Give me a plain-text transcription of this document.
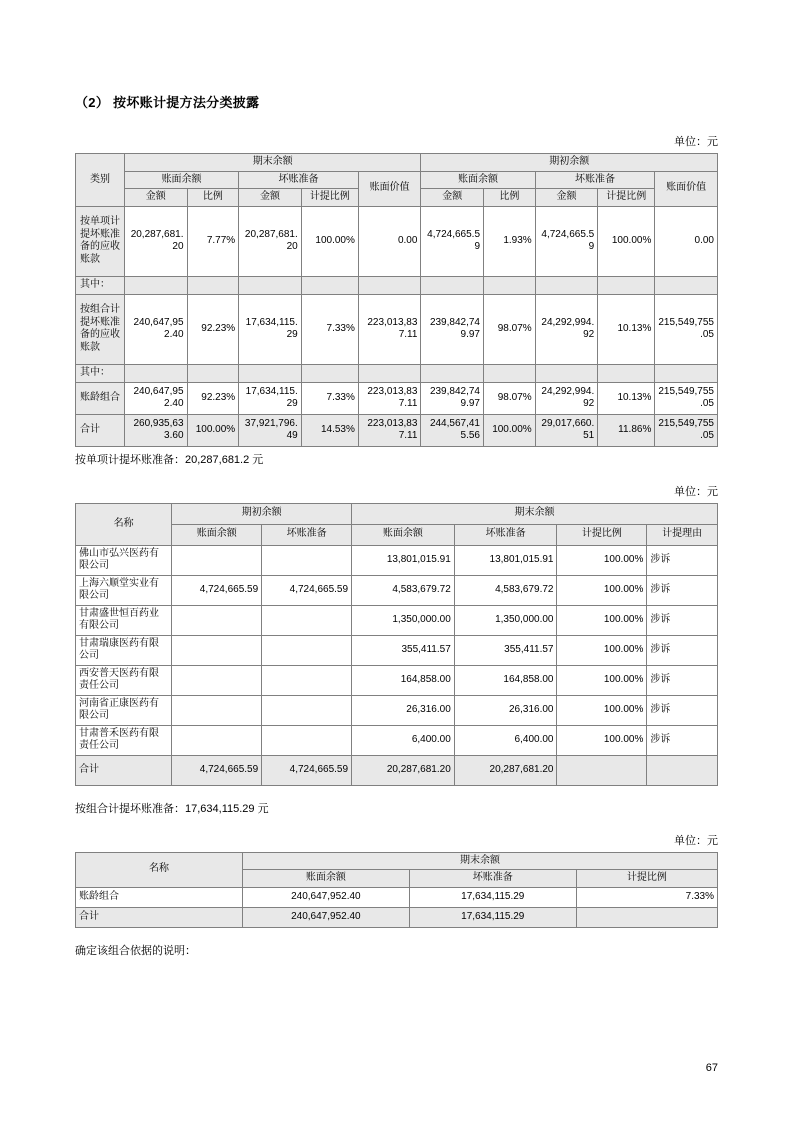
（2） 按坏账计提方法分类披露
单位：元
类别	期末余额					期初余额				
	账面余额		坏账准备		账面价值	账面余额		坏账准备		账面价值
	金额	比例	金额	计提比例		金额	比例	金额	计提比例	
按单项计提坏账准备的应收账款	20,287,681.20	7.77%	20,287,681.20	100.00%	0.00	4,724,665.59	1.93%	4,724,665.59	100.00%	0.00
其中：										
按组合计提坏账准备的应收账款	240,647,952.40	92.23%	17,634,115.29	7.33%	223,013,837.11	239,842,749.97	98.07%	24,292,994.92	10.13%	215,549,755.05
其中：										
账龄组合	240,647,952.40	92.23%	17,634,115.29	7.33%	223,013,837.11	239,842,749.97	98.07%	24,292,994.92	10.13%	215,549,755.05
合计	260,935,633.60	100.00%	37,921,796.49	14.53%	223,013,837.11	244,567,415.56	100.00%	29,017,660.51	11.86%	215,549,755.05
按单项计提坏账准备：20,287,681.2 元
单位：元
名称	期初余额		期末余额			
	账面余额	坏账准备	账面余额	坏账准备	计提比例	计提理由
佛山市弘兴医药有限公司			13,801,015.91	13,801,015.91	100.00%	涉诉
上海六顺堂实业有限公司	4,724,665.59	4,724,665.59	4,583,679.72	4,583,679.72	100.00%	涉诉
甘肃盛世恒百药业有限公司			1,350,000.00	1,350,000.00	100.00%	涉诉
甘肃瑞康医药有限公司			355,411.57	355,411.57	100.00%	涉诉
西安普天医药有限责任公司			164,858.00	164,858.00	100.00%	涉诉
河南省正康医药有限公司			26,316.00	26,316.00	100.00%	涉诉
甘肃普禾医药有限责任公司			6,400.00	6,400.00	100.00%	涉诉
合计	4,724,665.59	4,724,665.59	20,287,681.20	20,287,681.20		
按组合计提坏账准备：17,634,115.29 元
单位：元
名称	期末余额		
	账面余额	坏账准备	计提比例
账龄组合	240,647,952.40	17,634,115.29	7.33%
合计	240,647,952.40	17,634,115.29	
确定该组合依据的说明：
67
